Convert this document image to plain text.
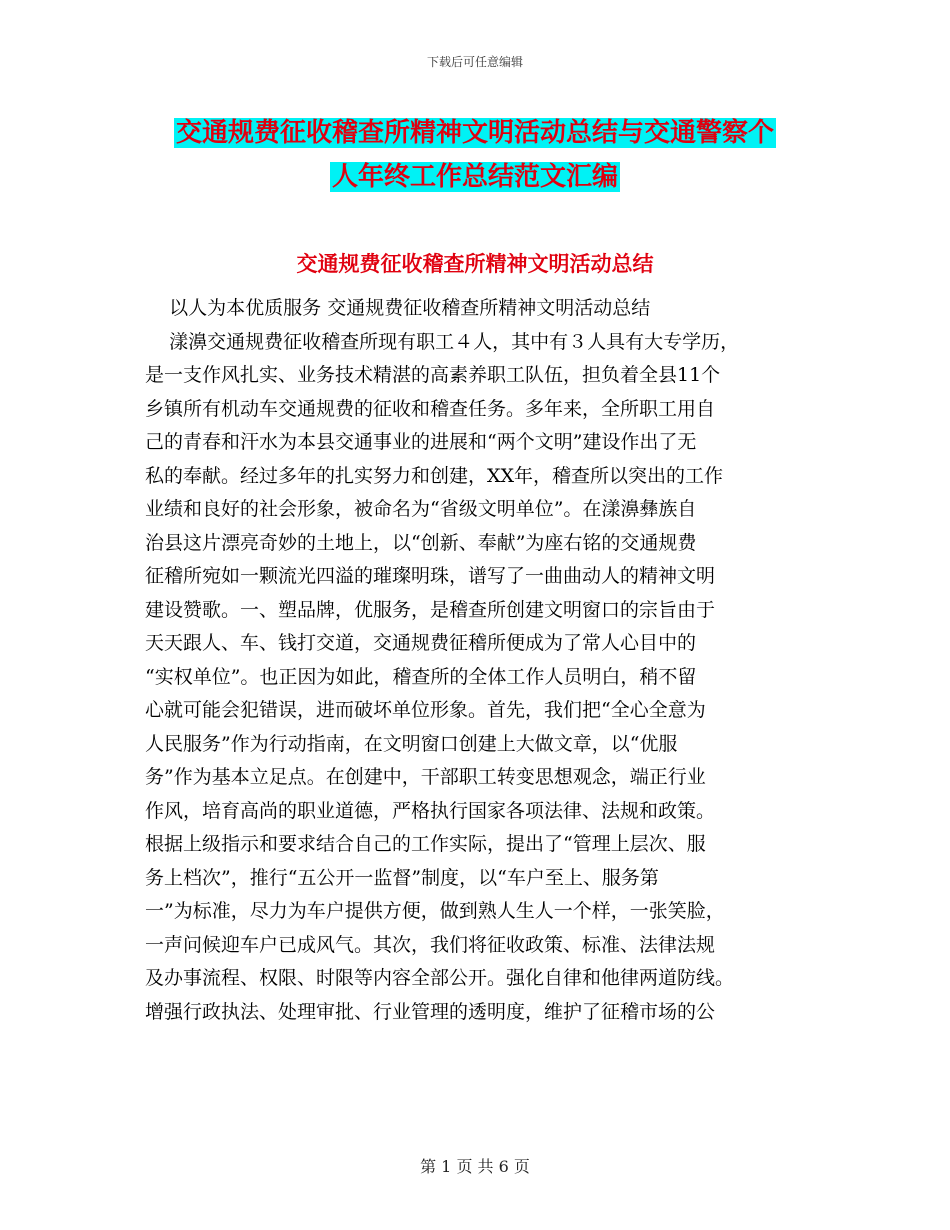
下载后可任意编辑
交通规费征收稽查所精神文明活动总结与交通警察个
人年终工作总结范文汇编
交通规费征收稽查所精神文明活动总结
以人为本优质服务 交通规费征收稽查所精神文明活动总结
漾濞交通规费征收稽查所现有职工４人，其中有３人具有大专学历，
是一支作风扎实、业务技术精湛的高素养职工队伍，担负着全县11个
乡镇所有机动车交通规费的征收和稽查任务。多年来，全所职工用自
己的青春和汗水为本县交通事业的进展和“两个文明”建设作出了无
私的奉献。经过多年的扎实努力和创建，XX年，稽查所以突出的工作
业绩和良好的社会形象，被命名为“省级文明单位”。在漾濞彝族自
治县这片漂亮奇妙的土地上，以“创新、奉献”为座右铭的交通规费
征稽所宛如一颗流光四溢的璀璨明珠，谱写了一曲曲动人的精神文明
建设赞歌。一、塑品牌，优服务，是稽查所创建文明窗口的宗旨由于
天天跟人、车、钱打交道，交通规费征稽所便成为了常人心目中的
“实权单位”。也正因为如此，稽查所的全体工作人员明白，稍不留
心就可能会犯错误，进而破坏单位形象。首先，我们把“全心全意为
人民服务”作为行动指南，在文明窗口创建上大做文章，以“优服
务”作为基本立足点。在创建中，干部职工转变思想观念，端正行业
作风，培育高尚的职业道德，严格执行国家各项法律、法规和政策。
根据上级指示和要求结合自己的工作实际，提出了“管理上层次、服
务上档次”，推行“五公开一监督”制度，以“车户至上、服务第
一”为标准，尽力为车户提供方便，做到熟人生人一个样，一张笑脸，
一声问候迎车户已成风气。其次，我们将征收政策、标准、法律法规
及办事流程、权限、时限等内容全部公开。强化自律和他律两道防线。
增强行政执法、处理审批、行业管理的透明度，维护了征稽市场的公
第 1 页 共 6 页
